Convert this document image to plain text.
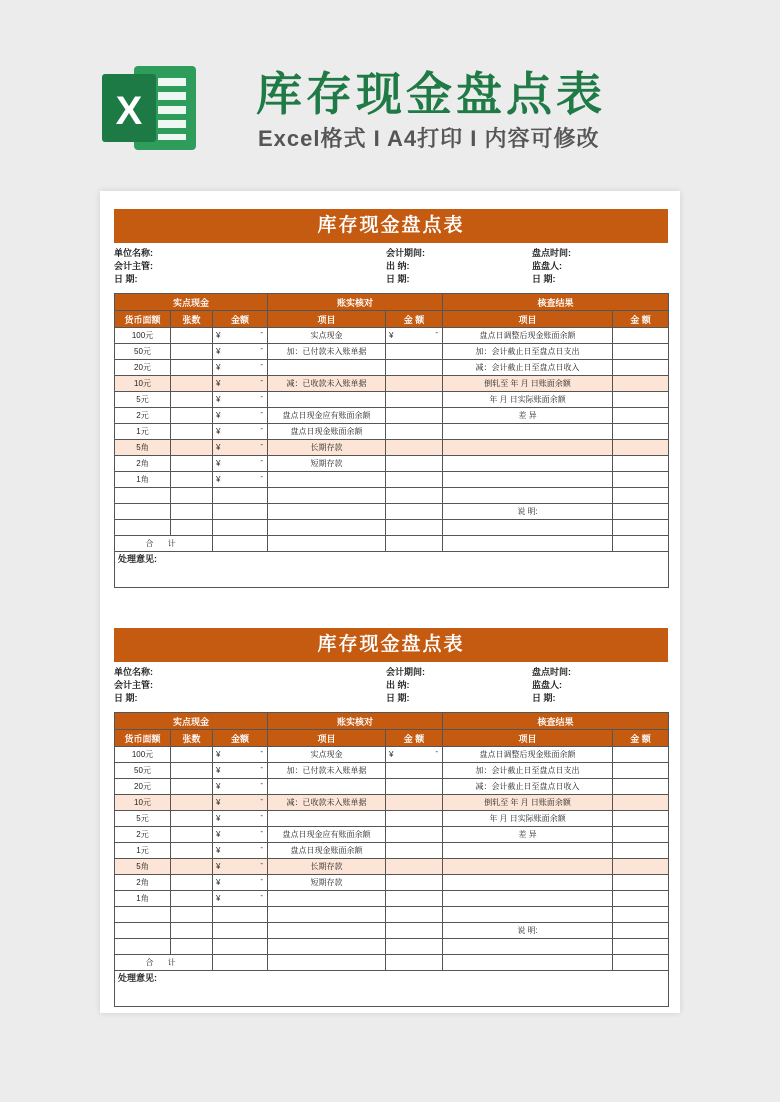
X 库存现金盘点表
Excel格式 I A4打印 I 内容可修改
库存现金盘点表
单位名称:	会计期间:	盘点时间:
会计主管:	出 纳:	监盘人:
日 期:	日 期:	日 期:
实点现金			账实核对		核查结果	
货币面额	张数	金额	项目	金 额	项目	金 额
100元		¥ -	实点现金	¥ -	盘点日调整后现金账面余额	
50元		¥ -	加：已付款未入账单据		加：会计截止日至盘点日支出	
20元		¥ -			减：会计截止日至盘点日收入	
10元		¥ -	减：已收款未入账单据		倒轧至 年 月 日账面余额	
5元		¥ -			年 月 日实际账面余额	
2元		¥ -	盘点日现金应有账面余额		差 异	
1元		¥ -	盘点日现金账面余额			
5角		¥ -	长期存款			
2角		¥ -	短期存款			
1角		¥ -				

					说 明:	

合 计						
处理意见:						
库存现金盘点表
单位名称:	会计期间:	盘点时间:
会计主管:	出 纳:	监盘人:
日 期:	日 期:	日 期:
实点现金			账实核对		核查结果	
货币面额	张数	金额	项目	金 额	项目	金 额
100元		¥ -	实点现金	¥ -	盘点日调整后现金账面余额	
50元		¥ -	加：已付款未入账单据		加：会计截止日至盘点日支出	
20元		¥ -			减：会计截止日至盘点日收入	
10元		¥ -	减：已收款未入账单据		倒轧至 年 月 日账面余额	
5元		¥ -			年 月 日实际账面余额	
2元		¥ -	盘点日现金应有账面余额		差 异	
1元		¥ -	盘点日现金账面余额			
5角		¥ -	长期存款			
2角		¥ -	短期存款			
1角		¥ -				

					说 明:	

合 计						
处理意见:						
